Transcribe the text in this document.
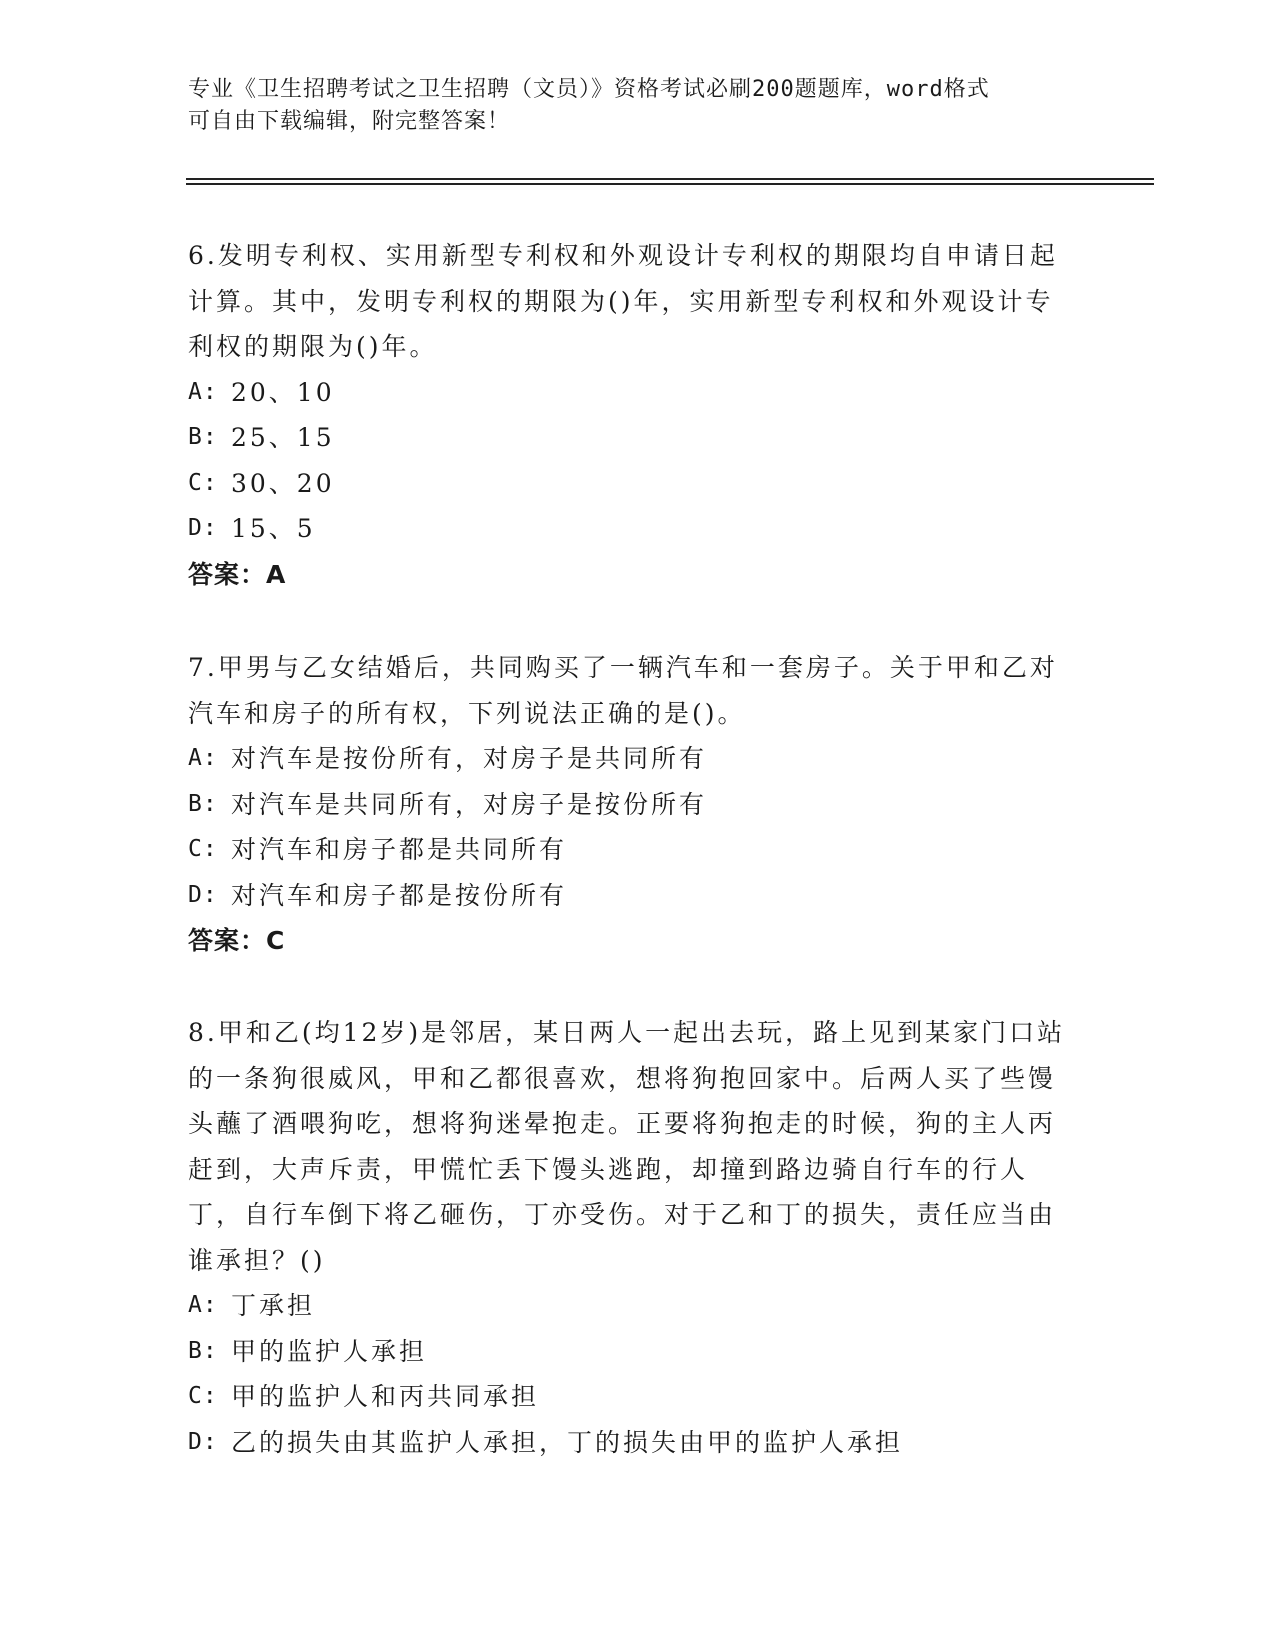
专业《卫生招聘考试之卫生招聘（文员）》资格考试必刷200题题库，word格式
可自由下载编辑，附完整答案！
6.发明专利权、实用新型专利权和外观设计专利权的期限均自申请日起计算。其中，发明专利权的期限为()年，实用新型专利权和外观设计专利权的期限为()年。
A: 20、10
B: 25、15
C: 30、20
D: 15、5
答案：A
7.甲男与乙女结婚后，共同购买了一辆汽车和一套房子。关于甲和乙对汽车和房子的所有权，下列说法正确的是()。
A: 对汽车是按份所有，对房子是共同所有
B: 对汽车是共同所有，对房子是按份所有
C: 对汽车和房子都是共同所有
D: 对汽车和房子都是按份所有
答案：C
8.甲和乙(均12岁)是邻居，某日两人一起出去玩，路上见到某家门口站的一条狗很威风，甲和乙都很喜欢，想将狗抱回家中。后两人买了些馒头蘸了酒喂狗吃，想将狗迷晕抱走。正要将狗抱走的时候，狗的主人丙赶到，大声斥责，甲慌忙丢下馒头逃跑，却撞到路边骑自行车的行人丁，自行车倒下将乙砸伤，丁亦受伤。对于乙和丁的损失，责任应当由谁承担？()
A: 丁承担
B: 甲的监护人承担
C: 甲的监护人和丙共同承担
D: 乙的损失由其监护人承担，丁的损失由甲的监护人承担
